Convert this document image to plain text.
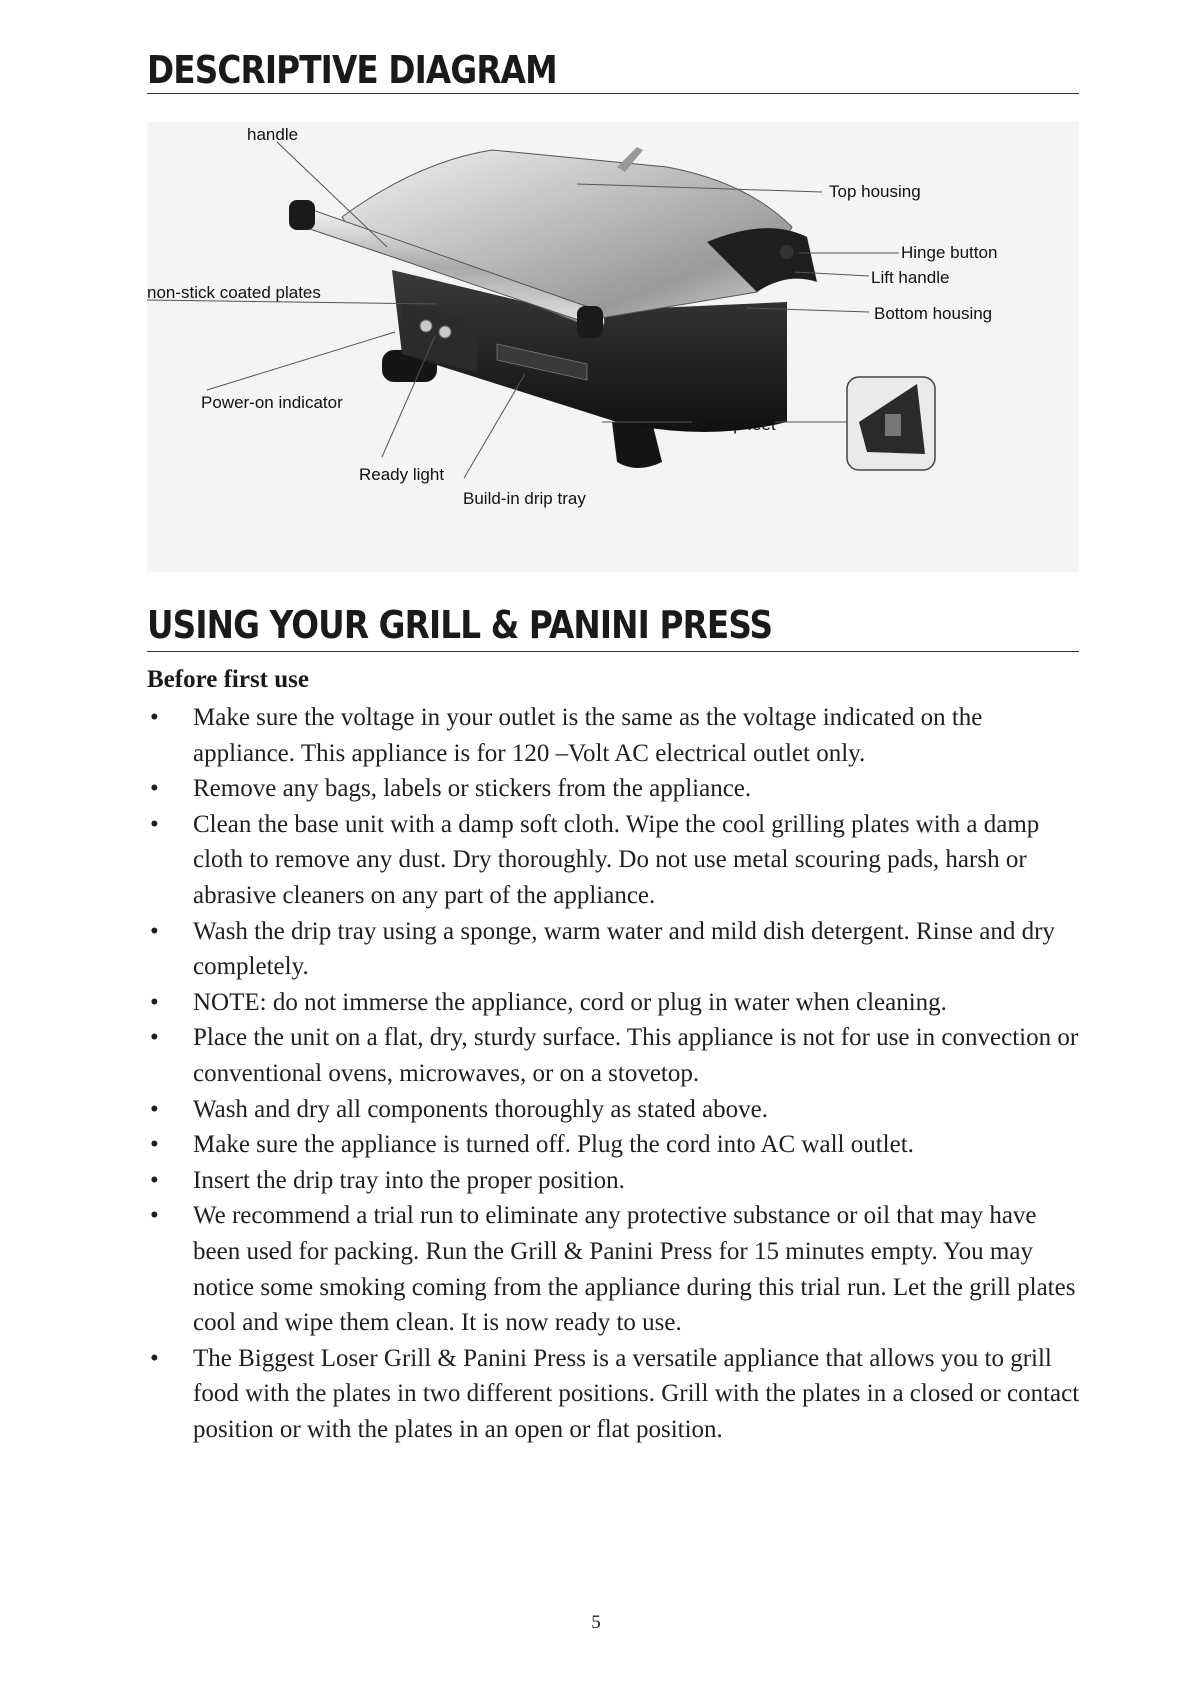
DESCRIPTIVE DIAGRAM
handle
Top housing
Hinge button
Lift handle
non-stick coated plates
Bottom housing
Power-on indicator
Tilt-up feet
Ready light
Build-in drip tray
USING YOUR GRILL & PANINI PRESS
Before first use
• Make sure the voltage in your outlet is the same as the voltage indicated on the appliance. This appliance is for 120 –Volt AC electrical outlet only.
• Remove any bags, labels or stickers from the appliance.
• Clean the base unit with a damp soft cloth. Wipe the cool grilling plates with a damp cloth to remove any dust. Dry thoroughly. Do not use metal scouring pads, harsh or abrasive cleaners on any part of the appliance.
• Wash the drip tray using a sponge, warm water and mild dish detergent. Rinse and dry completely.
• NOTE: do not immerse the appliance, cord or plug in water when cleaning.
• Place the unit on a flat, dry, sturdy surface. This appliance is not for use in convection or conventional ovens, microwaves, or on a stovetop.
• Wash and dry all components thoroughly as stated above.
• Make sure the appliance is turned off. Plug the cord into AC wall outlet.
• Insert the drip tray into the proper position.
• We recommend a trial run to eliminate any protective substance or oil that may have been used for packing. Run the Grill & Panini Press for 15 minutes empty. You may notice some smoking coming from the appliance during this trial run. Let the grill plates cool and wipe them clean. It is now ready to use.
• The Biggest Loser Grill & Panini Press is a versatile appliance that allows you to grill food with the plates in two different positions. Grill with the plates in a closed or contact position or with the plates in an open or flat position.
5
